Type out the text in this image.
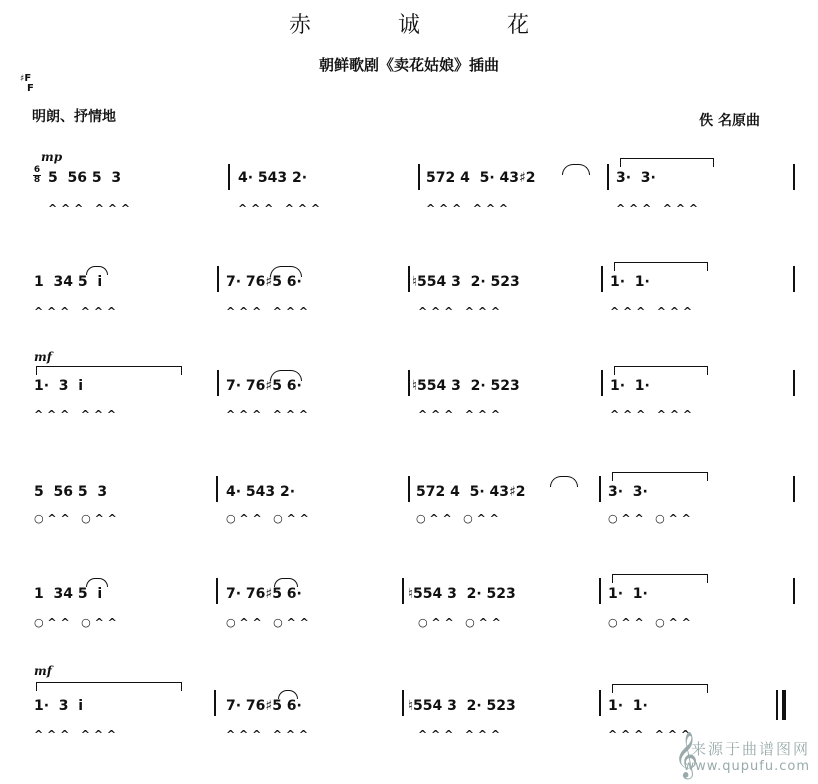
赤 诚 花
朝鲜歌剧《卖花姑娘》插曲
♯F
F
明朗、抒情地	佚 名原曲
mp
6
8
mf
mf
5  56 5  3	4· 543 2·	572 4  5· 43♯2	3·  3·
^ ^ ^   ^ ^ ^	^ ^ ^   ^ ^ ^	^ ^ ^   ^ ^ ^	^ ^ ^   ^ ^ ^
1  34 5  i	7· 76♯5 6·	♮554 3  2· 523	1·  1·
^ ^ ^   ^ ^ ^	^ ^ ^   ^ ^ ^	^ ^ ^   ^ ^ ^	^ ^ ^   ^ ^ ^
1·  3  i	7· 76♯5 6·	♮554 3  2· 523	1·  1·
^ ^ ^   ^ ^ ^	^ ^ ^   ^ ^ ^	^ ^ ^   ^ ^ ^	^ ^ ^   ^ ^ ^
5  56 5  3	4· 543 2·	572 4  5· 43♯2	3·  3·
○ ^ ^   ○ ^ ^	○ ^ ^   ○ ^ ^	○ ^ ^   ○ ^ ^	○ ^ ^   ○ ^ ^
1  34 5  i	7· 76♯5 6·	♮554 3  2· 523	1·  1·
○ ^ ^   ○ ^ ^	○ ^ ^   ○ ^ ^	○ ^ ^   ○ ^ ^	○ ^ ^   ○ ^ ^
1·  3  i	7· 76♯5 6·	♮554 3  2· 523	1·  1·
^ ^ ^   ^ ^ ^	^ ^ ^   ^ ^ ^	^ ^ ^   ^ ^ ^	^ ^ ^   ^ ^ ^
𝄞
来源于曲谱图网
www.qupufu.com
